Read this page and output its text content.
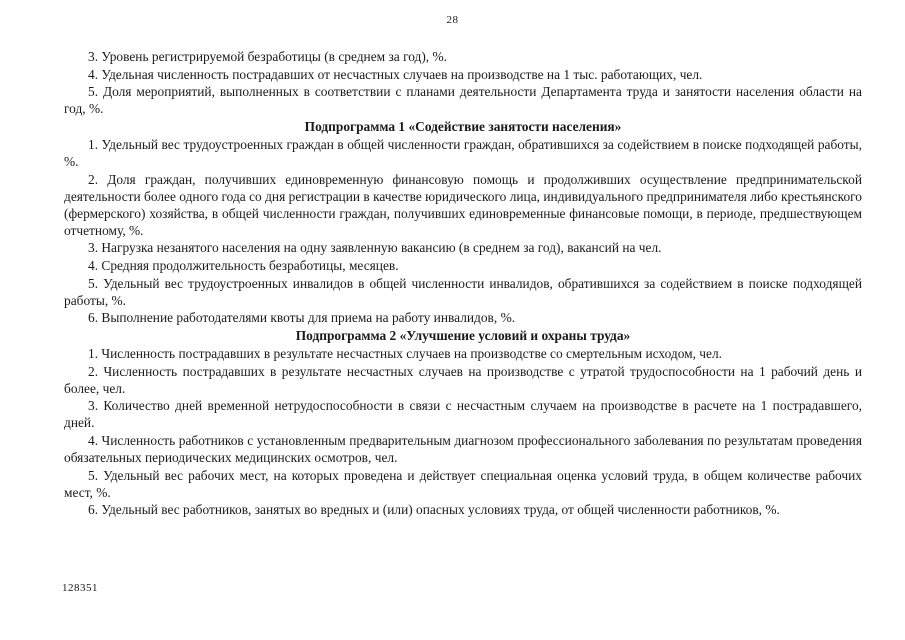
28

3. Уровень регистрируемой безработицы (в среднем за год), %.

4. Удельная численность пострадавших от несчастных случаев на производстве на 1 тыс. работающих, чел.

5. Доля мероприятий, выполненных в соответствии с планами деятельности Департамента труда и занятости населения области на год, %.

Подпрограмма 1 «Содействие занятости населения»

1. Удельный вес трудоустроенных граждан в общей численности граждан, обратившихся за содействием в поиске подходящей работы, %.

2. Доля граждан, получивших единовременную финансовую помощь и продолживших осуществление предпринимательской деятельности более одного года со дня регистрации в качестве юридического лица, индивидуального предпринимателя либо крестьянского (фермерского) хозяйства, в общей численности граждан, получивших единовременные финансовые помощи, в периоде, предшествующем отчетному, %.

3. Нагрузка незанятого населения на одну заявленную вакансию (в среднем за год), вакансий на чел.

4. Средняя продолжительность безработицы, месяцев.

5. Удельный вес трудоустроенных инвалидов в общей численности инвалидов, обратившихся за содействием в поиске подходящей работы, %.

6. Выполнение работодателями квоты для приема на работу инвалидов, %.

Подпрограмма 2 «Улучшение условий и охраны труда»

1. Численность пострадавших в результате несчастных случаев на производстве со смертельным исходом, чел.

2. Численность пострадавших в результате несчастных случаев на производстве с утратой трудоспособности на 1 рабочий день и более, чел.

3. Количество дней временной нетрудоспособности в связи с несчастным случаем на производстве в расчете на 1 пострадавшего, дней.

4. Численность работников с установленным предварительным диагнозом профессионального заболевания по результатам проведения обязательных периодических медицинских осмотров, чел.

5. Удельный вес рабочих мест, на которых проведена и действует специальная оценка условий труда, в общем количестве рабочих мест, %.

6. Удельный вес работников, занятых во вредных и (или) опасных условиях труда, от общей численности работников, %.

128351
